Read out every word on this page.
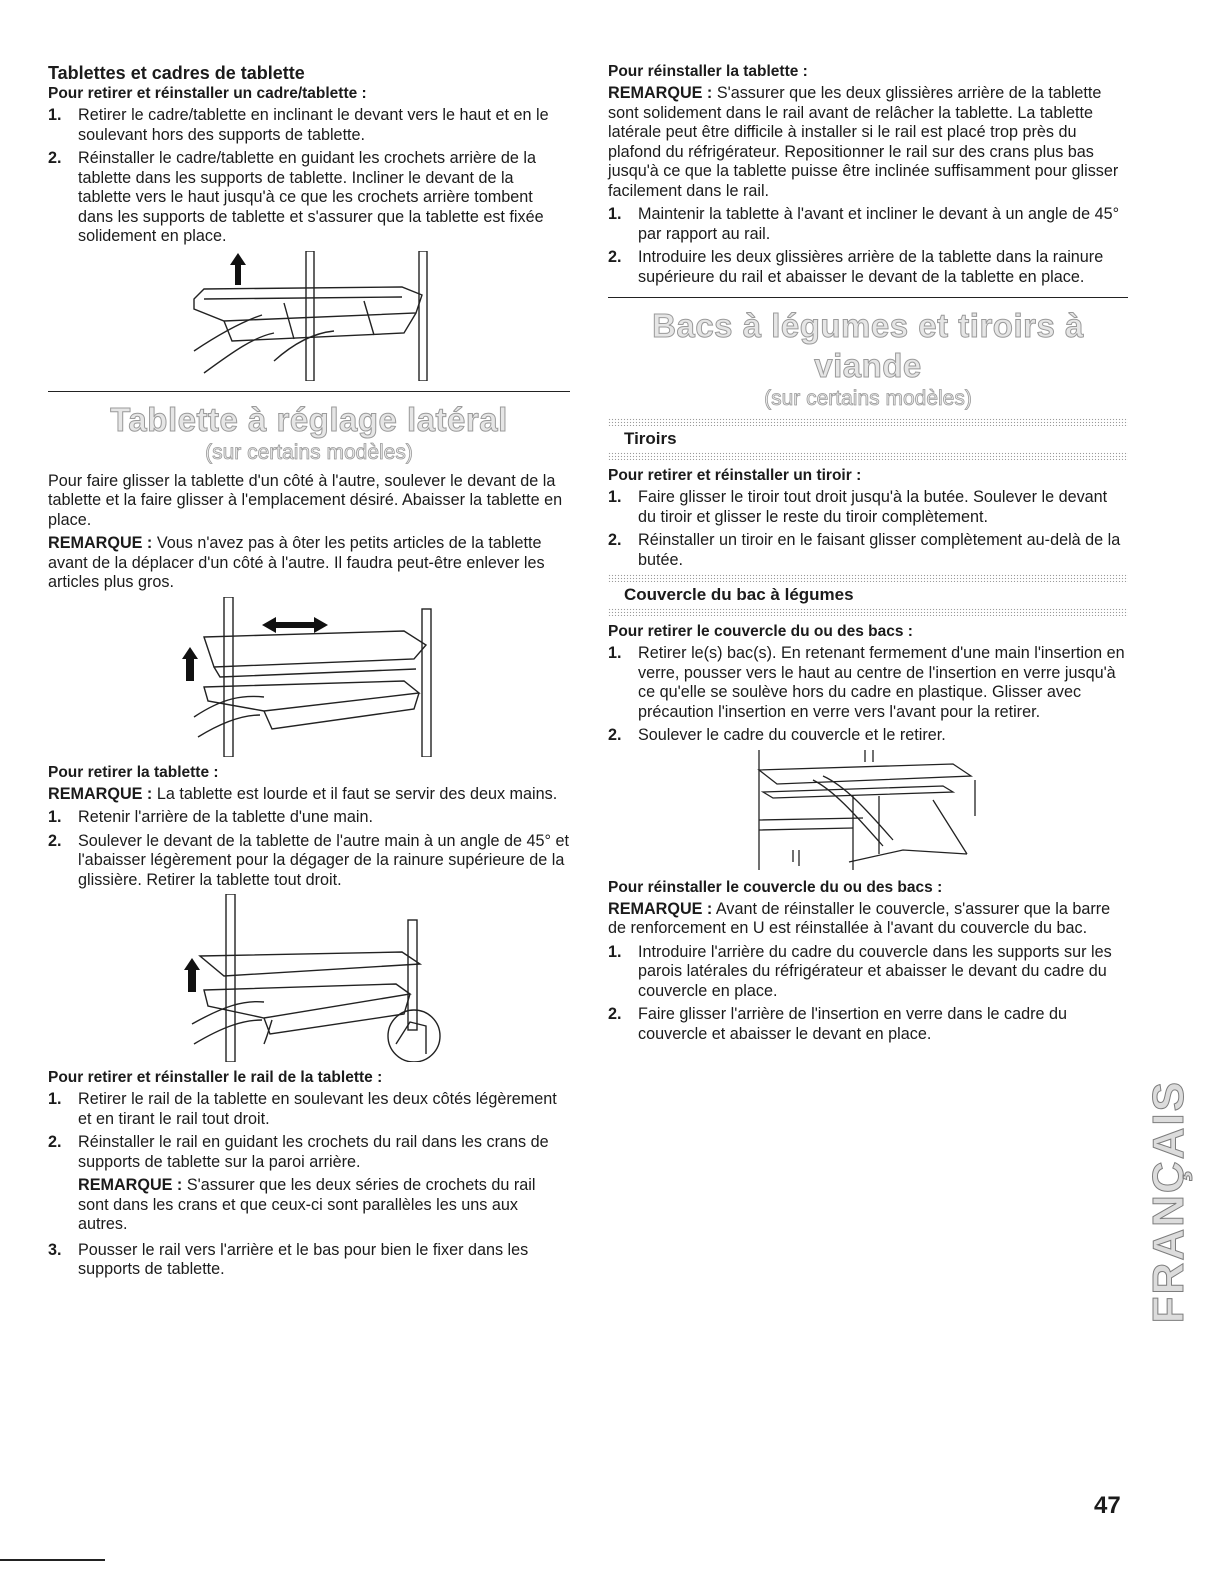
Tablettes et cadres de tablette
Pour retirer et réinstaller un cadre/tablette :
1. Retirer le cadre/tablette en inclinant le devant vers le haut et en le soulevant hors des supports de tablette.
2. Réinstaller le cadre/tablette en guidant les crochets arrière de la tablette dans les supports de tablette. Incliner le devant de la tablette vers le haut jusqu'à ce que les crochets arrière tombent dans les supports de tablette et s'assurer que la tablette est fixée solidement en place.
Tablette à réglage latéral
(sur certains modèles)

Pour faire glisser la tablette d'un côté à l'autre, soulever le devant de la tablette et la faire glisser à l'emplacement désiré. Abaisser la tablette en place.

REMARQUE : Vous n'avez pas à ôter les petits articles de la tablette avant de la déplacer d'un côté à l'autre. Il faudra peut-être enlever les articles plus gros.

Pour retirer la tablette :

REMARQUE : La tablette est lourde et il faut se servir des deux mains.

1. Retenir l'arrière de la tablette d'une main.
2. Soulever le devant de la tablette de l'autre main à un angle de 45° et l'abaisser légèrement pour la dégager de la rainure supérieure de la glissière. Retirer la tablette tout droit.
Pour retirer et réinstaller le rail de la tablette :
1. Retirer le rail de la tablette en soulevant les deux côtés légèrement et en tirant le rail tout droit.
2. Réinstaller le rail en guidant les crochets du rail dans les crans de supports de tablette sur la paroi arrière.

REMARQUE : S'assurer que les deux séries de crochets du rail sont dans les crans et que ceux-ci sont parallèles les uns aux autres.

3. Pousser le rail vers l'arrière et le bas pour bien le fixer dans les supports de tablette.
Pour réinstaller la tablette :

REMARQUE : S'assurer que les deux glissières arrière de la tablette sont solidement dans le rail avant de relâcher la tablette. La tablette latérale peut être difficile à installer si le rail est placé trop près du plafond du réfrigérateur. Repositionner le rail sur des crans plus bas jusqu'à ce que la tablette puisse être inclinée suffisamment pour glisser facilement dans le rail.

1. Maintenir la tablette à l'avant et incliner le devant à un angle de 45° par rapport au rail.
2. Introduire les deux glissières arrière de la tablette dans la rainure supérieure du rail et abaisser le devant de la tablette en place.
Bacs à légumes et tiroirs à viande
(sur certains modèles)
Tiroirs
Pour retirer et réinstaller un tiroir :
1. Faire glisser le tiroir tout droit jusqu'à la butée. Soulever le devant du tiroir et glisser le reste du tiroir complètement.
2. Réinstaller un tiroir en le faisant glisser complètement au-delà de la butée.
Couvercle du bac à légumes
Pour retirer le couvercle du ou des bacs :
1. Retirer le(s) bac(s). En retenant fermement d'une main l'insertion en verre, pousser vers le haut au centre de l'insertion en verre jusqu'à ce qu'elle se soulève hors du cadre en plastique. Glisser avec précaution l'insertion en verre vers l'avant pour la retirer.
2. Soulever le cadre du couvercle et le retirer.
Pour réinstaller le couvercle du ou des bacs :

REMARQUE : Avant de réinstaller le couvercle, s'assurer que la barre de renforcement en U est réinstallée à l'avant du couvercle du bac.

1. Introduire l'arrière du cadre du couvercle dans les supports sur les parois latérales du réfrigérateur et abaisser le devant du cadre du couvercle en place.
2. Faire glisser l'arrière de l'insertion en verre dans le cadre du couvercle et abaisser le devant en place.
FRANÇAIS
47
